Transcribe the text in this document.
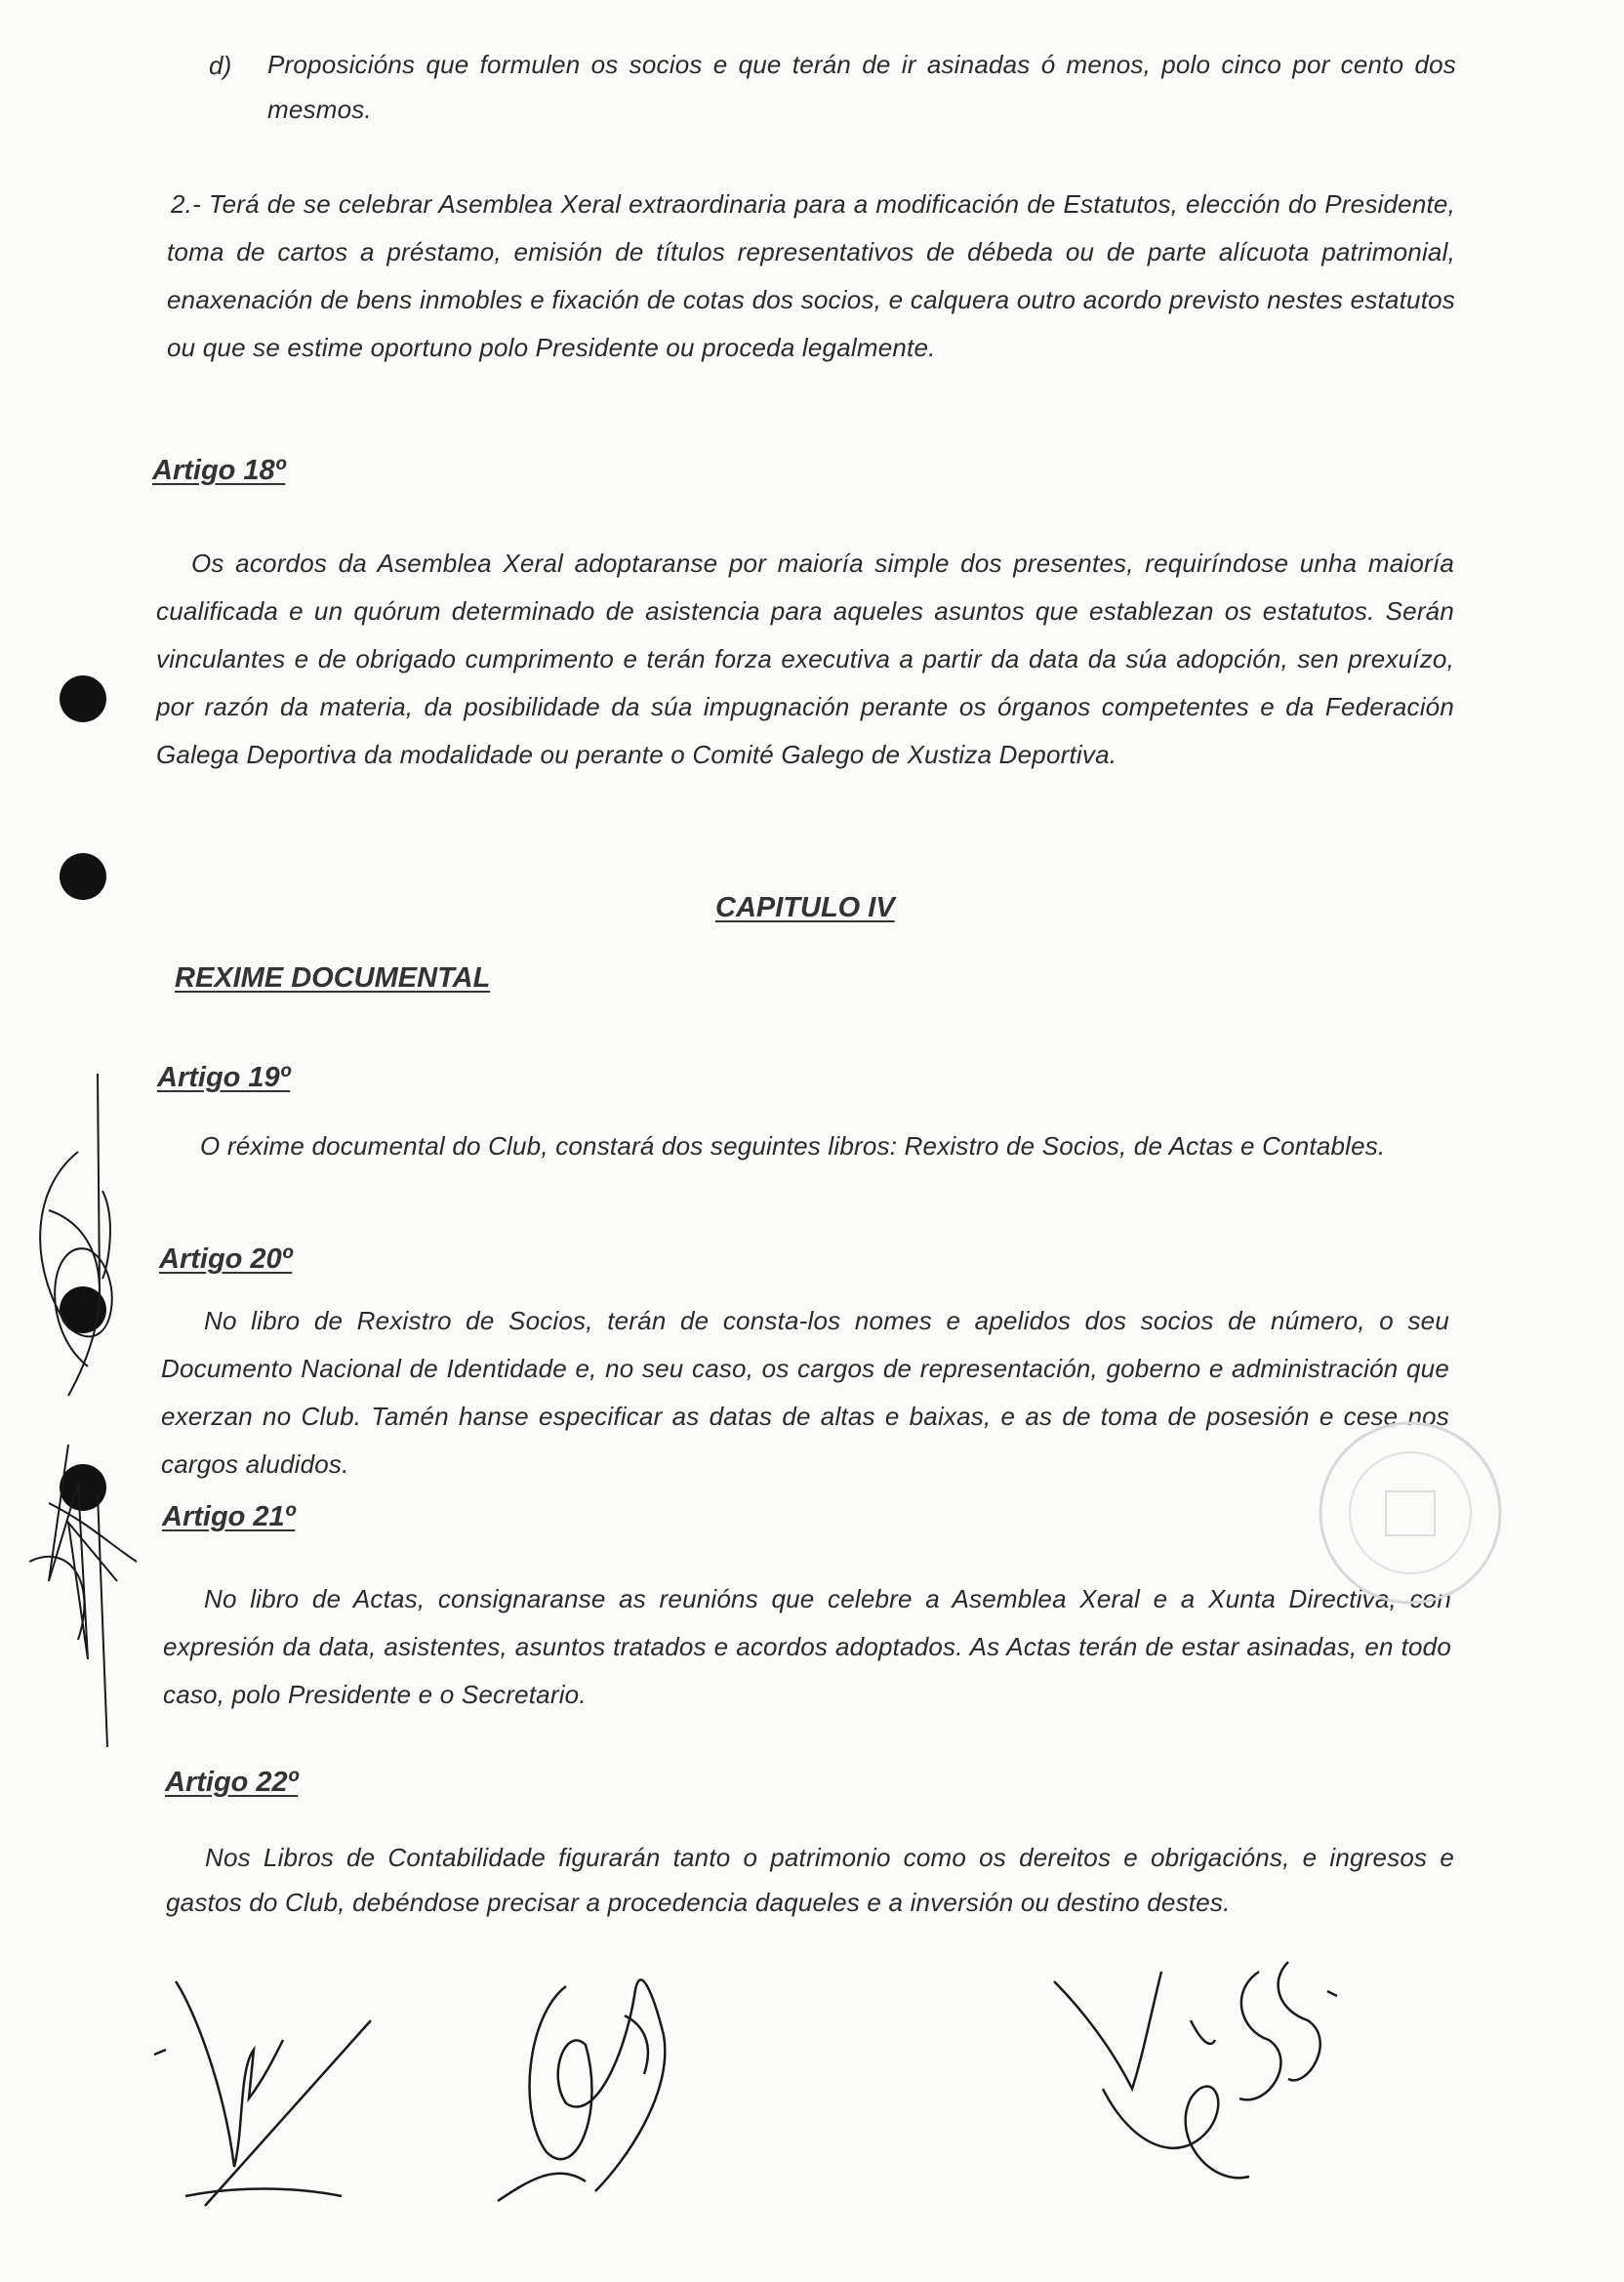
d) Proposicións que formulen os socios e que terán de ir asinadas ó menos, polo cinco por cento dos mesmos.
2.- Terá de se celebrar Asemblea Xeral extraordinaria para a modificación de Estatutos, elección do Presidente, toma de cartos a préstamo, emisión de títulos representativos de débeda ou de parte alícuota patrimonial, enaxenación de bens inmobles e fixación de cotas dos socios, e calquera outro acordo previsto nestes estatutos ou que se estime oportuno polo Presidente ou proceda legalmente.
Artigo 18º
Os acordos da Asemblea Xeral adoptaranse por maioría simple dos presentes, requiríndose unha maioría cualificada e un quórum determinado de asistencia para aqueles asuntos que establezan os estatutos. Serán vinculantes e de obrigado cumprimento e terán forza executiva a partir da data da súa adopción, sen prexuízo, por razón da materia, da posibilidade da súa impugnación perante os órganos competentes e da Federación Galega Deportiva da modalidade ou perante o Comité Galego de Xustiza Deportiva.
CAPITULO IV
REXIME DOCUMENTAL
Artigo 19º
O réxime documental do Club, constará dos seguintes libros: Rexistro de Socios, de Actas e Contables.
Artigo 20º
No libro de Rexistro de Socios, terán de consta-los nomes e apelidos dos socios de número, o seu Documento Nacional de Identidade e, no seu caso, os cargos de representación, goberno e administración que exerzan no Club. Tamén hanse especificar as datas de altas e baixas, e as de toma de posesión e cese nos cargos aludidos.
Artigo 21º
No libro de Actas, consignaranse as reunións que celebre a Asemblea Xeral e a Xunta Directiva, con expresión da data, asistentes, asuntos tratados e acordos adoptados. As Actas terán de estar asinadas, en todo caso, polo Presidente e o Secretario.
Artigo 22º
Nos Libros de Contabilidade figurarán tanto o patrimonio como os dereitos e obrigacións, e ingresos e gastos do Club, debéndose precisar a procedencia daqueles e a inversión ou destino destes.
